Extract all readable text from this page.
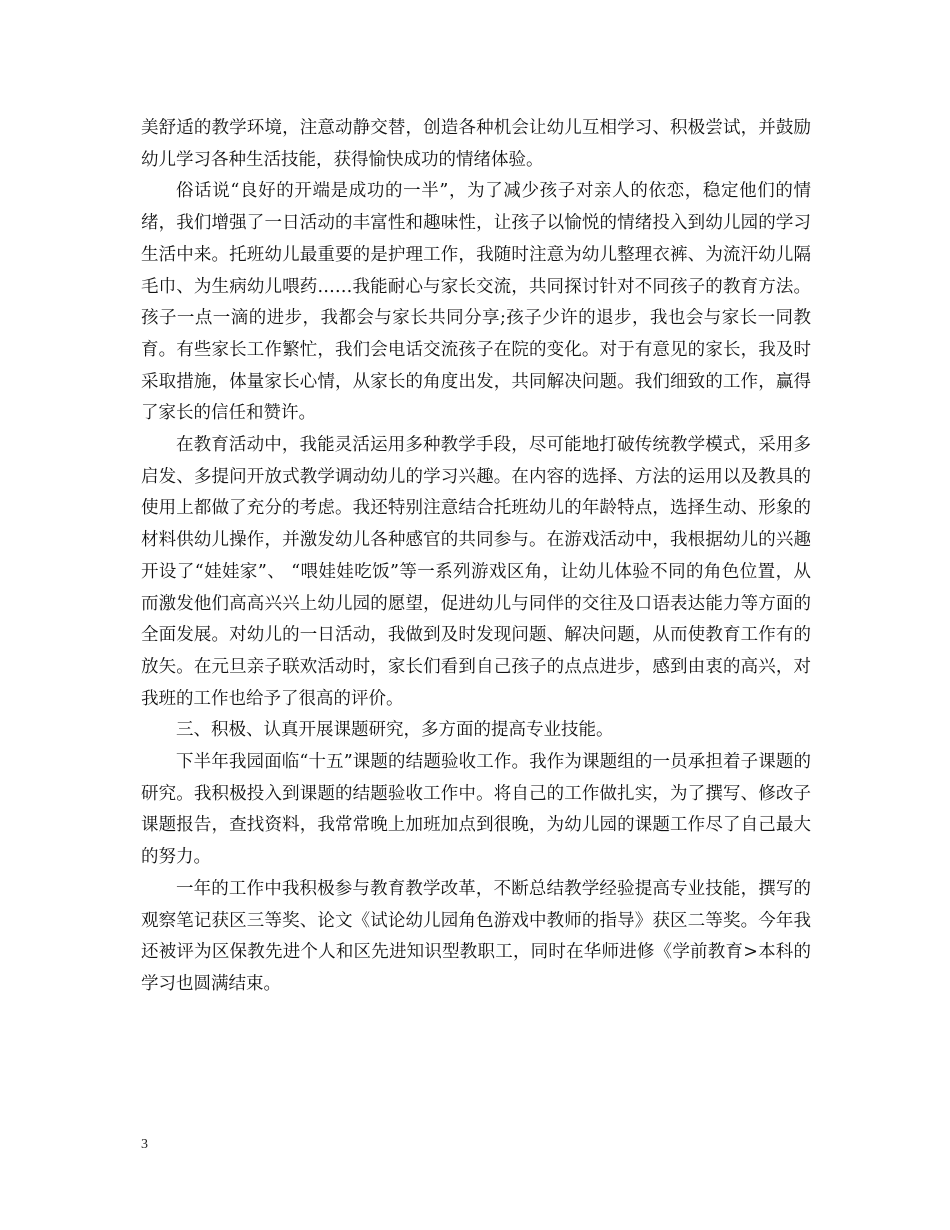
美舒适的教学环境，注意动静交替，创造各种机会让幼儿互相学习、积极尝试，并鼓励幼儿学习各种生活技能，获得愉快成功的情绪体验。

俗话说“良好的开端是成功的一半”，为了减少孩子对亲人的依恋，稳定他们的情绪，我们增强了一日活动的丰富性和趣味性，让孩子以愉悦的情绪投入到幼儿园的学习生活中来。托班幼儿最重要的是护理工作，我随时注意为幼儿整理衣裤、为流汗幼儿隔毛巾、为生病幼儿喂药……我能耐心与家长交流，共同探讨针对不同孩子的教育方法。孩子一点一滴的进步，我都会与家长共同分享;孩子少许的退步，我也会与家长一同教育。有些家长工作繁忙，我们会电话交流孩子在院的变化。对于有意见的家长，我及时采取措施，体量家长心情，从家长的角度出发，共同解决问题。我们细致的工作，赢得了家长的信任和赞许。

在教育活动中，我能灵活运用多种教学手段，尽可能地打破传统教学模式，采用多启发、多提问开放式教学调动幼儿的学习兴趣。在内容的选择、方法的运用以及教具的使用上都做了充分的考虑。我还特别注意结合托班幼儿的年龄特点，选择生动、形象的材料供幼儿操作，并激发幼儿各种感官的共同参与。在游戏活动中，我根据幼儿的兴趣开设了“娃娃家”、 “喂娃娃吃饭”等一系列游戏区角，让幼儿体验不同的角色位置，从而激发他们高高兴兴上幼儿园的愿望，促进幼儿与同伴的交往及口语表达能力等方面的全面发展。对幼儿的一日活动，我做到及时发现问题、解决问题，从而使教育工作有的放矢。在元旦亲子联欢活动时，家长们看到自己孩子的点点进步，感到由衷的高兴，对我班的工作也给予了很高的评价。

三、积极、认真开展课题研究，多方面的提高专业技能。

下半年我园面临“十五”课题的结题验收工作。我作为课题组的一员承担着子课题的研究。我积极投入到课题的结题验收工作中。将自己的工作做扎实，为了撰写、修改子课题报告，查找资料，我常常晚上加班加点到很晚，为幼儿园的课题工作尽了自己最大的努力。

一年的工作中我积极参与教育教学改革，不断总结教学经验提高专业技能，撰写的观察笔记获区三等奖、论文《试论幼儿园角色游戏中教师的指导》获区二等奖。今年我还被评为区保教先进个人和区先进知识型教职工，同时在华师进修《学前教育>本科的学习也圆满结束。

3
